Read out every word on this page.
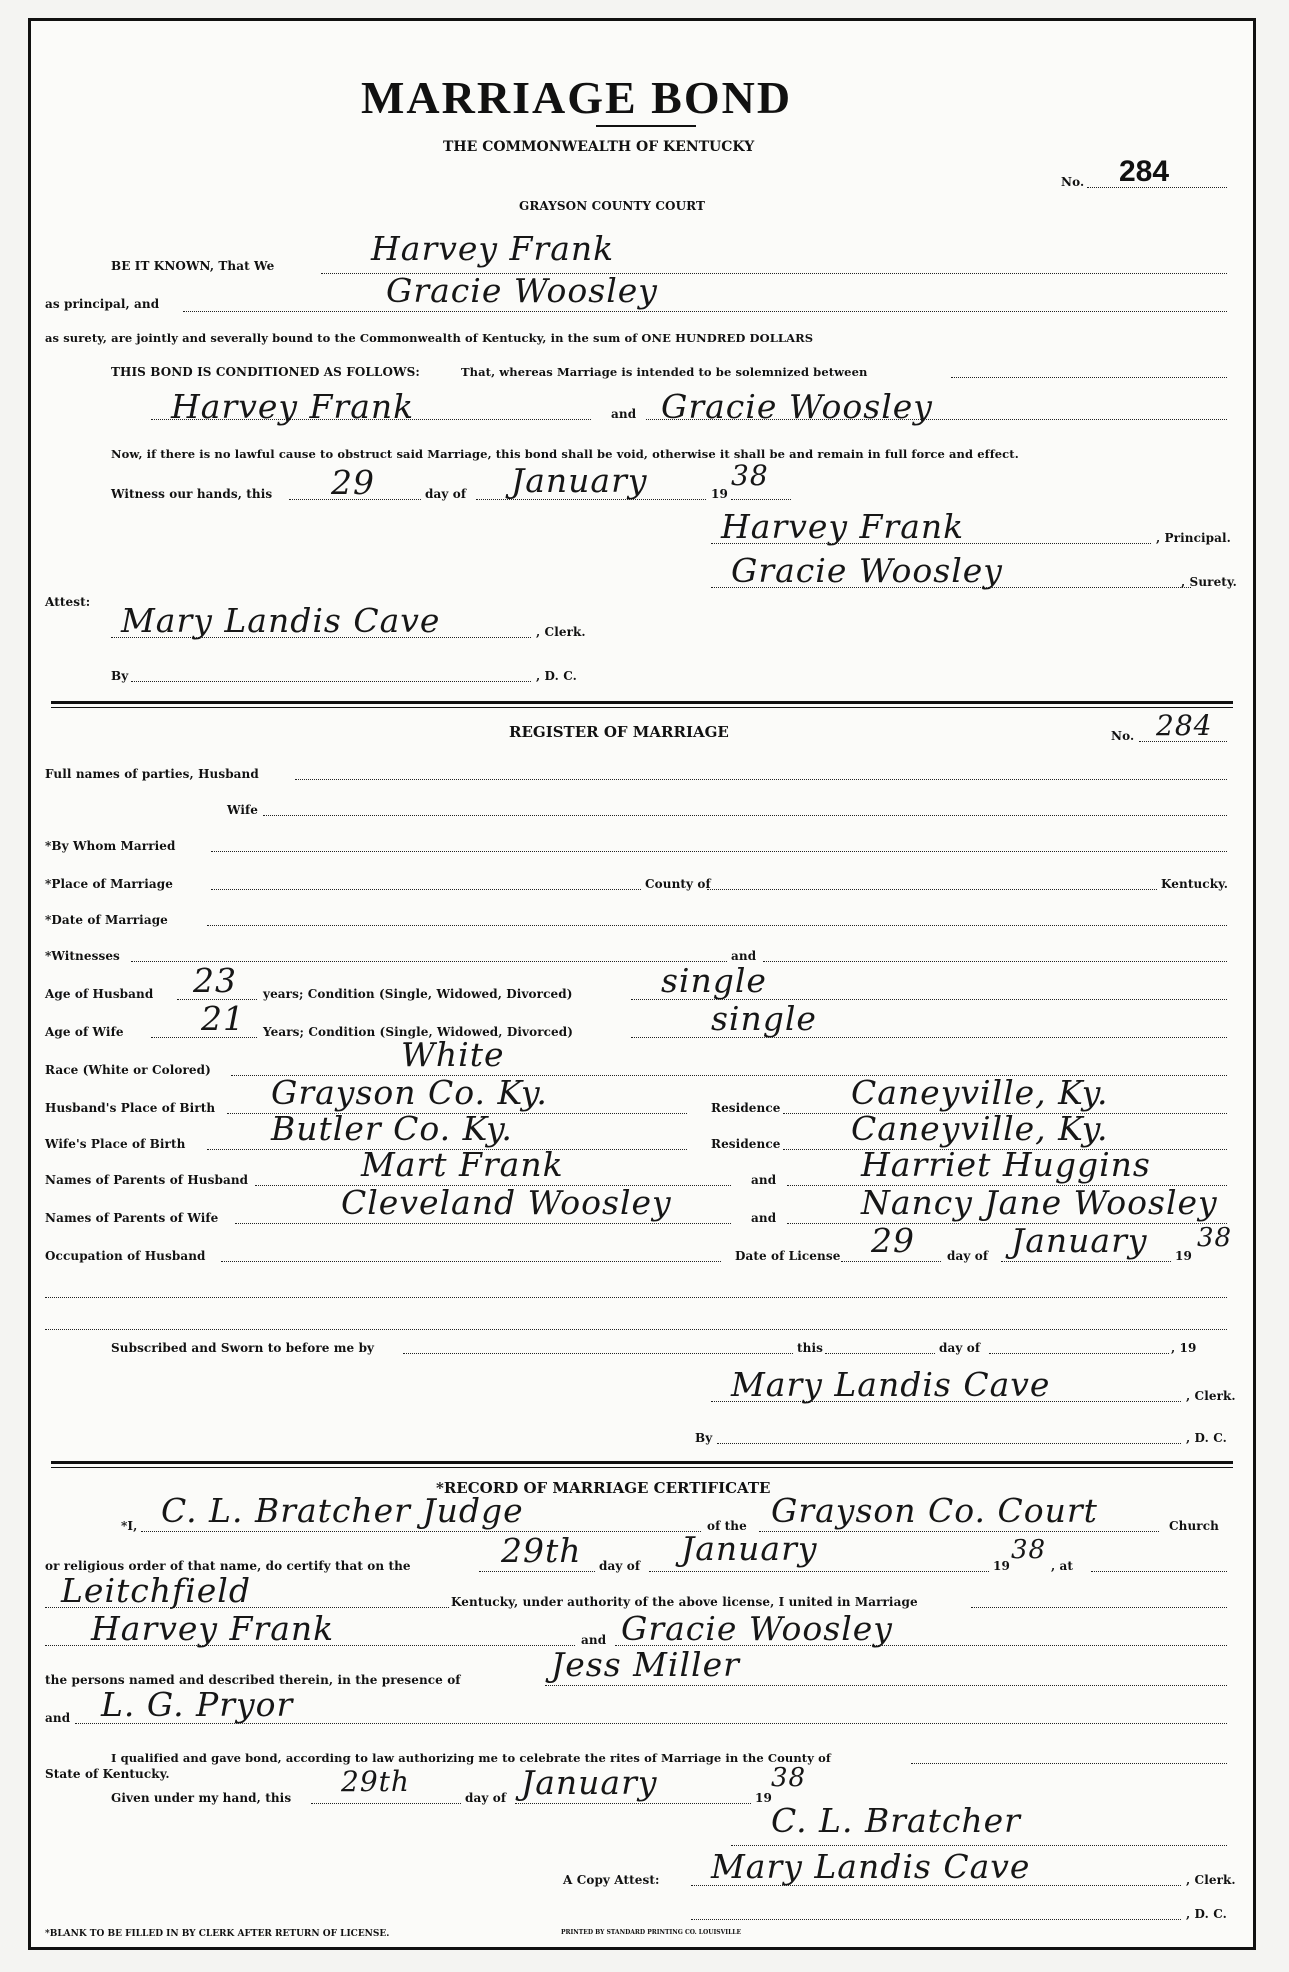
MARRIAGE BOND
THE COMMONWEALTH OF KENTUCKY
No. 284
GRAYSON COUNTY COURT
BE IT KNOWN, That We	Harvey Frank
as principal, and	Gracie Woosley
as surety, are jointly and severally bound to the Commonwealth of Kentucky, in the sum of ONE HUNDRED DOLLARS
THIS BOND IS CONDITIONED AS FOLLOWS:	That, whereas Marriage is intended to be solemnized between
Harvey Frank	and Gracie Woosley
Now, if there is no lawful cause to obstruct said Marriage, this bond shall be void, otherwise it shall be and remain in full force and effect.
Witness our hands, this 29	day of January	19
38
Harvey Frank	, Principal.
Gracie Woosley	, Surety.
Attest: Mary Landis Cave	, Clerk.
By	, D. C.
REGISTER OF MARRIAGE	No. 284
Full names of parties, Husband
Wife
*By Whom Married
*Place of Marriage	County of	Kentucky.
*Date of Marriage
*Witnesses	and
Age of Husband 23 years; Condition (Single, Widowed, Divorced)	single
Age of Wife 21 Years; Condition (Single, Widowed, Divorced)	single
Race (White or Colored)	White
Husband's Place of Birth Grayson Co. Ky.	Residence Caneyville, Ky.
Wife's Place of Birth	Butler Co. Ky.	Residence Caneyville, Ky.
Names of Parents of Husband	Mart Frank	and	Harriet Huggins
Names of Parents of Wife	Cleveland Woosley	and	Nancy Jane Woosley
Occupation of Husband	Date of License 29	day of January 19
38
Subscribed and Sworn to before me by	this	day of	, 19
Mary Landis Cave	, Clerk.
By	, D. C.
*RECORD OF MARRIAGE CERTIFICATE
*I, C. L. Bratcher Judge	of the Grayson Co. Court	Church
or religious order of that name, do certify that on the	29th day of January	19
38
, at
Leitchfield	Kentucky, under authority of the above license, I united in Marriage
Harvey Frank	and Gracie Woosley
the persons named and described therein, in the presence of	Jess Miller
and L. G. Pryor
I qualified and gave bond, according to law authorizing me to celebrate the rites of Marriage in the County of
State of Kentucky.
Given under my hand, this 29th	day of January	19
38
C. L. Bratcher
A Copy Attest: Mary Landis Cave	, Clerk.
, D. C.
*BLANK TO BE FILLED IN BY CLERK AFTER RETURN OF LICENSE.	PRINTED BY STANDARD PRINTING CO. LOUISVILLE
